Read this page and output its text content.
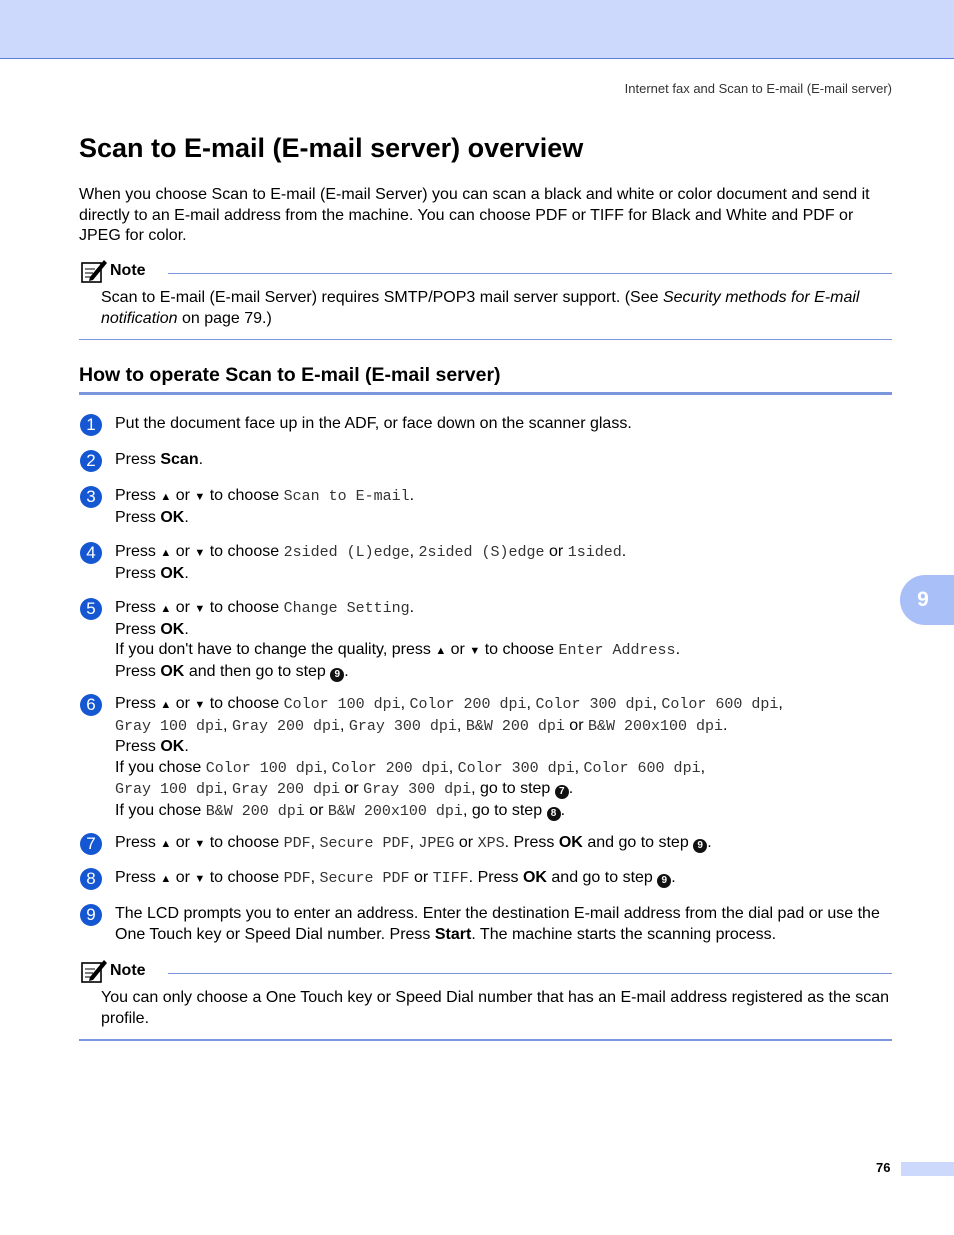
Internet fax and Scan to E-mail (E-mail server)
Scan to E-mail (E-mail server) overview

When you choose Scan to E-mail (E-mail Server) you can scan a black and white or color document and send it directly to an E-mail address from the machine. You can choose PDF or TIFF for Black and White and PDF or JPEG for color.

Note
Scan to E-mail (E-mail Server) requires SMTP/POP3 mail server support. (See Security methods for E-mail notification on page 79.)
How to operate Scan to E-mail (E-mail server)
1	Put the document face up in the ADF, or face down on the scanner glass.
2	Press Scan.
3	Press ▲ or ▼ to choose Scan to E-mail.
Press OK.
4	Press ▲ or ▼ to choose 2sided (L)edge, 2sided (S)edge or 1sided.
Press OK.
5	Press ▲ or ▼ to choose Change Setting.
Press OK.
If you don't have to change the quality, press ▲ or ▼ to choose Enter Address.
Press OK and then go to step 9 .
6	Press ▲ or ▼ to choose Color 100 dpi, Color 200 dpi, Color 300 dpi, Color 600 dpi,
Gray 100 dpi, Gray 200 dpi, Gray 300 dpi, B&W 200 dpi or B&W 200x100 dpi.
Press OK.
If you chose Color 100 dpi, Color 200 dpi, Color 300 dpi, Color 600 dpi,
Gray 100 dpi, Gray 200 dpi or Gray 300 dpi, go to step 7 .
If you chose B&W 200 dpi or B&W 200x100 dpi, go to step 8 .
7	Press ▲ or ▼ to choose PDF, Secure PDF, JPEG or XPS. Press OK and go to step 9 .
8	Press ▲ or ▼ to choose PDF, Secure PDF or TIFF. Press OK and go to step 9 .
9	The LCD prompts you to enter an address. Enter the destination E-mail address from the dial pad or use the One Touch key or Speed Dial number. Press Start. The machine starts the scanning process.
Note
You can only choose a One Touch key or Speed Dial number that has an E-mail address registered as the scan profile.
9
76
